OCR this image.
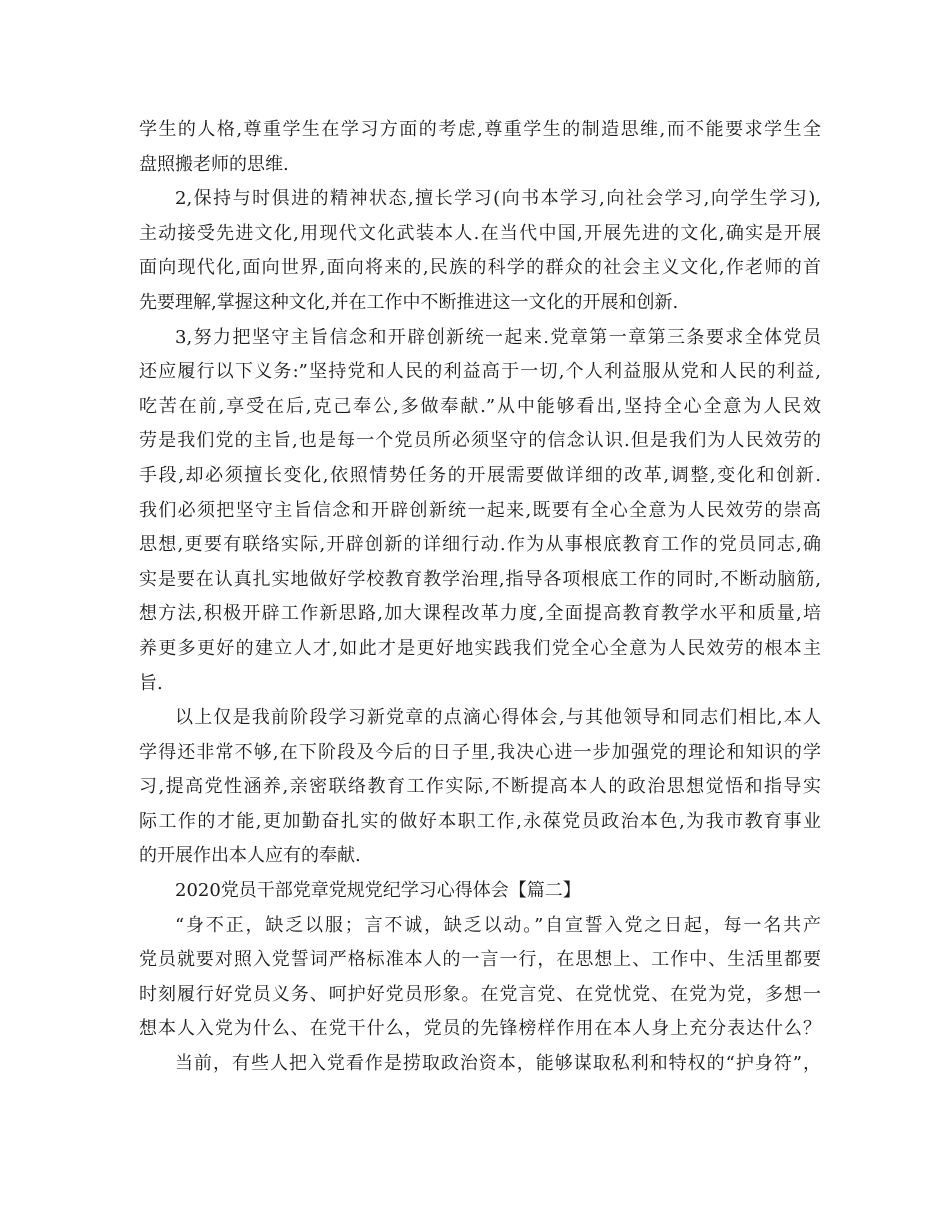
学生的人格,尊重学生在学习方面的考虑,尊重学生的制造思维,而不能要求学生全
盘照搬老师的思维.
2,保持与时俱进的精神状态,擅长学习(向书本学习,向社会学习,向学生学习),
主动接受先进文化,用现代文化武装本人.在当代中国,开展先进的文化,确实是开展
面向现代化,面向世界,面向将来的,民族的科学的群众的社会主义文化,作老师的首
先要理解,掌握这种文化,并在工作中不断推进这一文化的开展和创新.
3,努力把坚守主旨信念和开辟创新统一起来.党章第一章第三条要求全体党员
还应履行以下义务:”坚持党和人民的利益高于一切,个人利益服从党和人民的利益,
吃苦在前,享受在后,克己奉公,多做奉献.”从中能够看出,坚持全心全意为人民效
劳是我们党的主旨,也是每一个党员所必须坚守的信念认识.但是我们为人民效劳的
手段,却必须擅长变化,依照情势任务的开展需要做详细的改革,调整,变化和创新.
我们必须把坚守主旨信念和开辟创新统一起来,既要有全心全意为人民效劳的崇高
思想,更要有联络实际,开辟创新的详细行动.作为从事根底教育工作的党员同志,确
实是要在认真扎实地做好学校教育教学治理,指导各项根底工作的同时,不断动脑筋,
想方法,积极开辟工作新思路,加大课程改革力度,全面提高教育教学水平和质量,培
养更多更好的建立人才,如此才是更好地实践我们党全心全意为人民效劳的根本主
旨.
以上仅是我前阶段学习新党章的点滴心得体会,与其他领导和同志们相比,本人
学得还非常不够,在下阶段及今后的日子里,我决心进一步加强党的理论和知识的学
习,提高党性涵养,亲密联络教育工作实际,不断提高本人的政治思想觉悟和指导实
际工作的才能,更加勤奋扎实的做好本职工作,永葆党员政治本色,为我市教育事业
的开展作出本人应有的奉献.
2020党员干部党章党规党纪学习心得体会【篇二】
“身不正，缺乏以服；言不诚，缺乏以动。”自宣誓入党之日起，每一名共产
党员就要对照入党誓词严格标准本人的一言一行，在思想上、工作中、生活里都要
时刻履行好党员义务、呵护好党员形象。在党言党、在党忧党、在党为党，多想一
想本人入党为什么、在党干什么，党员的先锋榜样作用在本人身上充分表达什么？
当前，有些人把入党看作是捞取政治资本，能够谋取私利和特权的“护身符”，
